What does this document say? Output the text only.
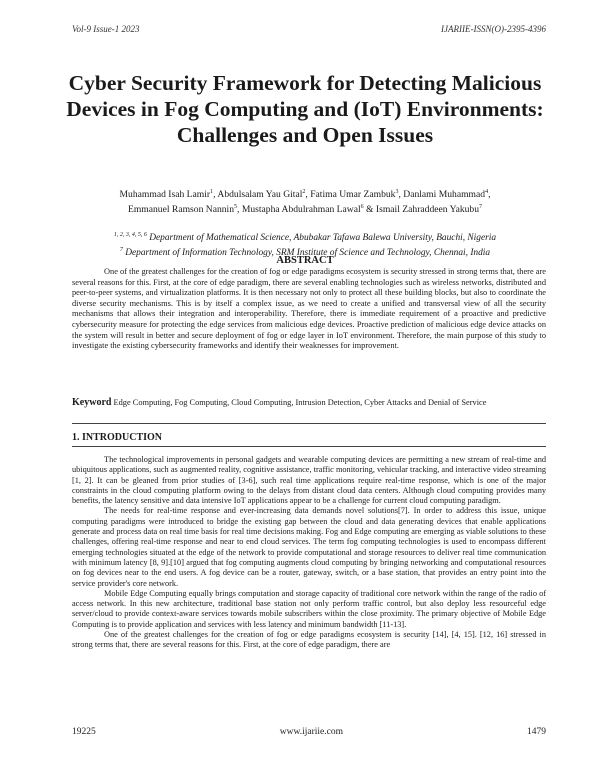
Vol-9 Issue-1 2023	IJARIIE-ISSN(O)-2395-4396
Cyber Security Framework for Detecting Malicious Devices in Fog Computing and (IoT) Environments: Challenges and Open Issues
Muhammad Isah Lamir$^1$, Abdulsalam Yau Gital$^2$, Fatima Umar Zambuk$^3$, Danlami Muhammad$^4$,
Emmanuel Ramson Nannin$^5$, Mustapha Abdulrahman Lawal$^6$ & Ismail Zahraddeen Yakubu$^7$
$^{1, 2, 3, 4, 5, 6}$ Department of Mathematical Science, Abubakar Tafawa Balewa University, Bauchi, Nigeria
$^7$ Department of Information Technology, SRM Institute of Science and Technology, Chennai, India
ABSTRACT
One of the greatest challenges for the creation of fog or edge paradigms ecosystem is security stressed in strong terms that, there are several reasons for this. First, at the core of edge paradigm, there are several enabling technologies such as wireless networks, distributed and peer-to-peer systems, and virtualization platforms. It is then necessary not only to protect all these building blocks, but also to coordinate the diverse security mechanisms. This is by itself a complex issue, as we need to create a unified and transversal view of all the security mechanisms that allows their integration and interoperability. Therefore, there is immediate requirement of a proactive and predictive cybersecurity measure for protecting the edge services from malicious edge devices. Proactive prediction of malicious edge device attacks on the system will result in better and secure deployment of fog or edge layer in IoT environment. Therefore, the main purpose of this study to investigate the existing cybersecurity frameworks and identify their weaknesses for improvement.
Keyword Edge Computing, Fog Computing, Cloud Computing, Intrusion Detection, Cyber Attacks and Denial of Service
1. INTRODUCTION

The technological improvements in personal gadgets and wearable computing devices are permitting a new stream of real-time and ubiquitous applications, such as augmented reality, cognitive assistance, traffic monitoring, vehicular tracking, and interactive video streaming [1, 2]. It can be gleaned from prior studies of [3-6], such real time applications require real-time response, which is one of the major constraints in the cloud computing platform owing to the delays from distant cloud data centers. Although cloud computing provides many benefits, the latency sensitive and data intensive IoT applications appear to be a challenge for current cloud computing paradigm.

The needs for real-time response and ever-increasing data demands novel solutions[7]. In order to address this issue, unique computing paradigms were introduced to bridge the existing gap between the cloud and data generating devices that enable applications generate and process data on real time basis for real time decisions making. Fog and Edge computing are emerging as viable solutions to these challenges, offering real-time response and near to end cloud services. The term fog computing technologies is used to encompass different emerging technologies situated at the edge of the network to provide computational and storage resources to deliver real time communication with minimum latency [8, 9].[10] argued that fog computing augments cloud computing by bringing networking and computational resources on fog devices near to the end users. A fog device can be a router, gateway, switch, or a base station, that provides an entry point into the service provider's core network.

Mobile Edge Computing equally brings computation and storage capacity of traditional core network within the range of the radio of access network. In this new architecture, traditional base station not only perform traffic control, but also deploy less resourceful edge server/cloud to provide context-aware services towards mobile subscribers within the close proximity. The primary objective of Mobile Edge Computing is to provide application and services with less latency and minimum bandwidth [11-13].

One of the greatest challenges for the creation of fog or edge paradigms ecosystem is security [14], [4, 15]. [12, 16] stressed in strong terms that, there are several reasons for this. First, at the core of edge paradigm, there are

19225	www.ijariie.com	1479
